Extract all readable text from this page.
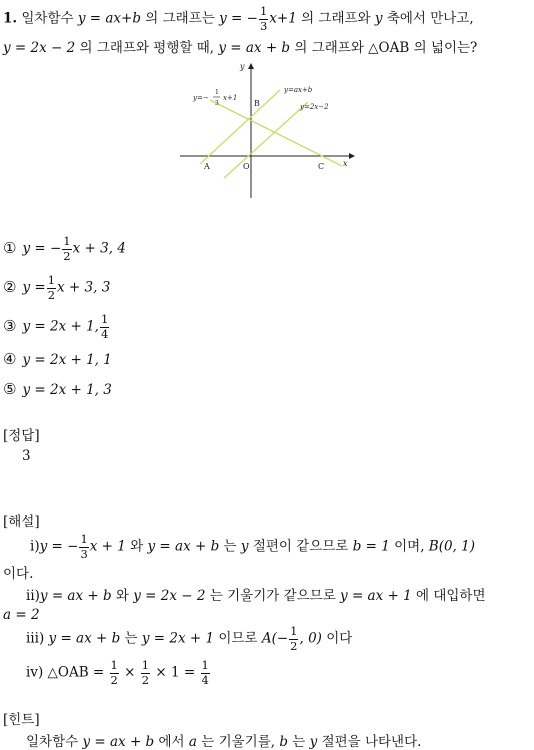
1. 일차함수 y = ax+b 의 그래프는 y = − $\frac{1}{3} x+1$ 의 그래프와 y 축에서 만나고,
y = 2x − 2 의 그래프와 평행할 때, y = ax + b 의 그래프와 △OAB 의 넓이는?
x
y
B
A	O	C
y=−
1
3
x+1
y=ax+b
y=2x−2
① y = − $\frac{1}{2}$ x + 3, 4
② $y = \frac{1}{2}$ x + 3, 3
③ y = 2x + 1, $\frac{1}{4}$
④ y = 2x + 1, 1
⑤ y = 2x + 1, 3
[정답]
3
[해설]
ⅰ)y = − $\frac{1}{3}$ x + 1 와 y = ax + b 는 y 절편이 같으므로 b = 1 이며, B(0, 1)
이다.
ⅱ)y = ax + b 와 y = 2x − 2 는 기울기가 같으므로 y = ax + 1 에 대입하면
a = 2
ⅲ) y = ax + b 는 y = 2x + 1 이므로 $A(- \frac{1}{2}$ , 0) 이다
ⅳ) △OAB = $\frac{1}{2} \times \frac{1}{2} \times 1 = \frac{1}{4}$
[힌트]
일차함수 y = ax + b 에서 a 는 기울기를, b 는 y 절편을 나타낸다.
